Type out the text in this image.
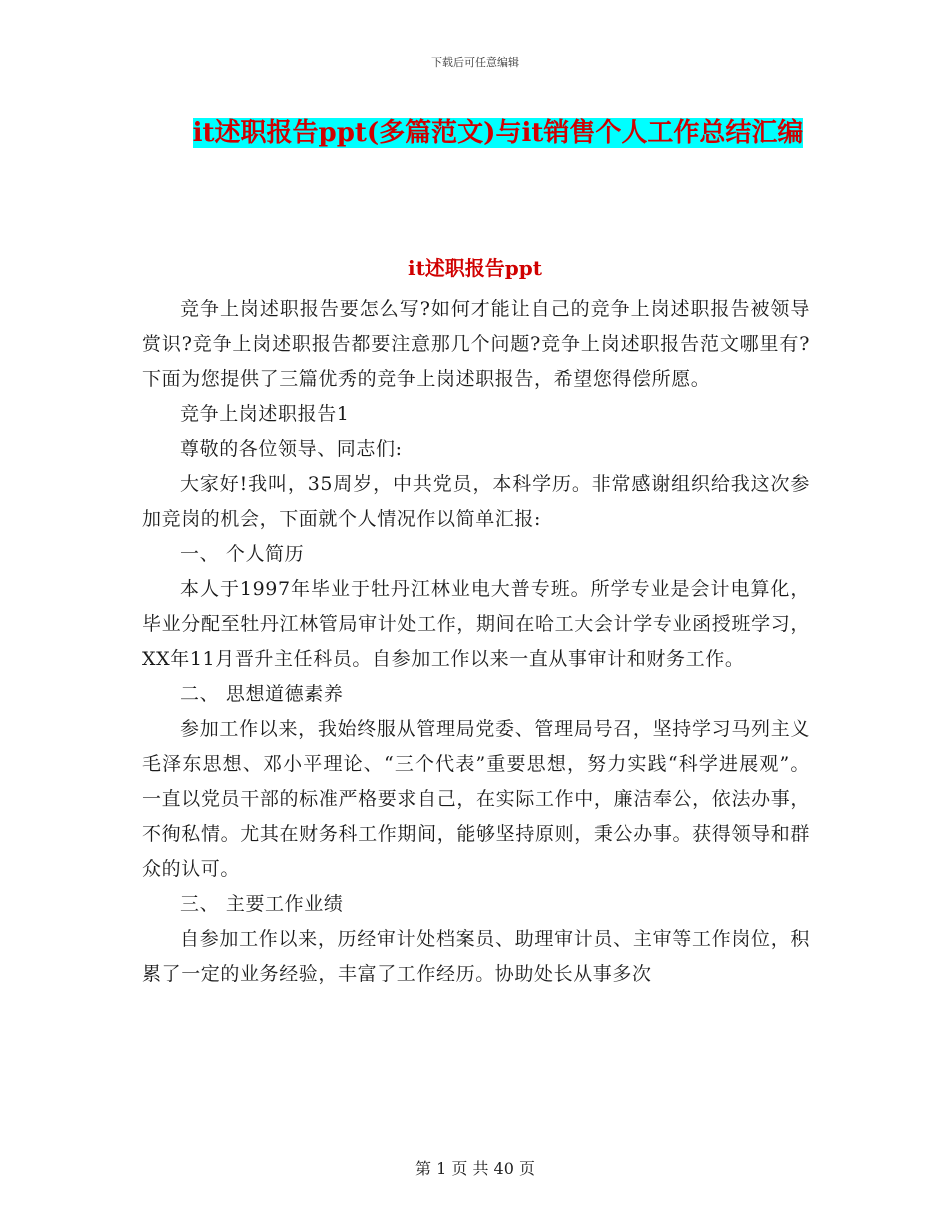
下载后可任意编辑
it述职报告ppt(多篇范文)与it销售个人工作总结汇编
it述职报告ppt

竞争上岗述职报告要怎么写?如何才能让自己的竞争上岗述职报告被领导赏识?竞争上岗述职报告都要注意那几个问题?竞争上岗述职报告范文哪里有?下面为您提供了三篇优秀的竞争上岗述职报告，希望您得偿所愿。

竞争上岗述职报告1

尊敬的各位领导、同志们:

大家好!我叫，35周岁，中共党员，本科学历。非常感谢组织给我这次参加竞岗的机会，下面就个人情况作以简单汇报:

一、 个人简历

本人于1997年毕业于牡丹江林业电大普专班。所学专业是会计电算化，毕业分配至牡丹江林管局审计处工作，期间在哈工大会计学专业函授班学习，XX年11月晋升主任科员。自参加工作以来一直从事审计和财务工作。

二、 思想道德素养

参加工作以来，我始终服从管理局党委、管理局号召，坚持学习马列主义毛泽东思想、邓小平理论、“三个代表”重要思想，努力实践“科学进展观”。一直以党员干部的标准严格要求自己，在实际工作中，廉洁奉公，依法办事，不徇私情。尤其在财务科工作期间，能够坚持原则，秉公办事。获得领导和群众的认可。

三、 主要工作业绩

自参加工作以来，历经审计处档案员、助理审计员、主审等工作岗位，积累了一定的业务经验，丰富了工作经历。协助处长从事多次

第 1 页 共 40 页
